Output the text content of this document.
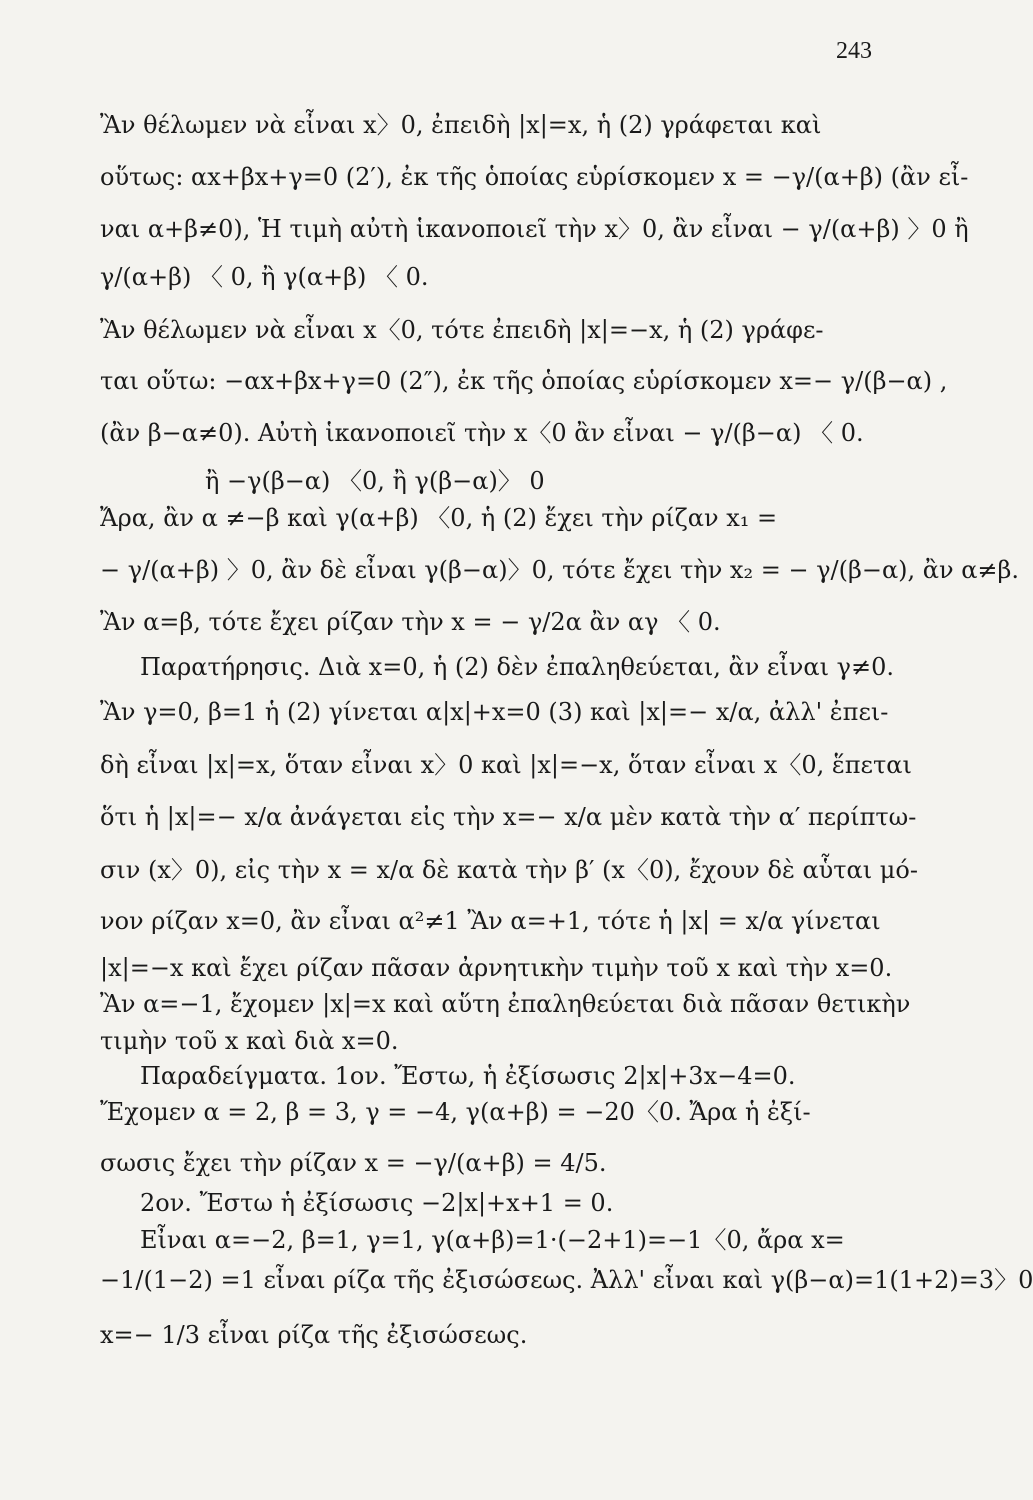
243
Ἂν θέλωμεν νὰ εἶναι x〉0, ἐπειδὴ |x|=x, ἡ (2) γράφεται καὶ
οὕτως: αx+βx+γ=0 (2′), ἐκ τῆς ὁποίας εὑρίσκομεν x = −γ/(α+β) (ἂν εἶ-
ναι α+β≠0), Ἡ τιμὴ αὐτὴ ἱκανοποιεῖ τὴν x〉0, ἂν εἶναι − γ/(α+β) 〉0 ἢ
γ/(α+β) 〈 0, ἢ γ(α+β) 〈 0.
Ἂν θέλωμεν νὰ εἶναι x〈0, τότε ἐπειδὴ |x|=−x, ἡ (2) γράφε-
ται οὕτω: −αx+βx+γ=0 (2″), ἐκ τῆς ὁποίας εὑρίσκομεν x=− γ/(β−α) ,
(ἂν β−α≠0). Αὐτὴ ἱκανοποιεῖ τὴν x〈0 ἂν εἶναι − γ/(β−α) 〈 0.
ἢ −γ(β−α) 〈0, ἢ γ(β−α)〉 0
Ἄρα, ἂν α ≠−β καὶ γ(α+β) 〈0, ἡ (2) ἔχει τὴν ρίζαν x₁ =
− γ/(α+β) 〉0, ἂν δὲ εἶναι γ(β−α)〉0, τότε ἔχει τὴν x₂ = − γ/(β−α), ἂν α≠β.
Ἂν α=β, τότε ἔχει ρίζαν τὴν x = − γ/2α ἂν αγ 〈 0.
Παρατήρησις. Διὰ x=0, ἡ (2) δὲν ἐπαληθεύεται, ἂν εἶναι γ≠0.
Ἂν γ=0, β=1 ἡ (2) γίνεται α|x|+x=0 (3) καὶ |x|=− x/α, ἀλλ' ἐπει-
δὴ εἶναι |x|=x, ὅταν εἶναι x〉0 καὶ |x|=−x, ὅταν εἶναι x〈0, ἕπεται
ὅτι ἡ |x|=− x/α ἀνάγεται εἰς τὴν x=− x/α μὲν κατὰ τὴν α′ περίπτω-
σιν (x〉0), εἰς τὴν x = x/α δὲ κατὰ τὴν β′ (x〈0), ἔχουν δὲ αὗται μό-
νον ρίζαν x=0, ἂν εἶναι α²≠1 Ἂν α=+1, τότε ἡ |x| = x/α γίνεται
|x|=−x καὶ ἔχει ρίζαν πᾶσαν ἀρνητικὴν τιμὴν τοῦ x καὶ τὴν x=0.
Ἂν α=−1, ἔχομεν |x|=x καὶ αὕτη ἐπαληθεύεται διὰ πᾶσαν θετικὴν
τιμὴν τοῦ x καὶ διὰ x=0.
Παραδείγματα. 1ον. Ἔστω, ἡ ἐξίσωσις 2|x|+3x−4=0.
Ἔχομεν α = 2, β = 3, γ = −4, γ(α+β) = −20〈0. Ἄρα ἡ ἐξί-
σωσις ἔχει τὴν ρίζαν x = −γ/(α+β) = 4/5.
2ον. Ἔστω ἡ ἐξίσωσις −2|x|+x+1 = 0.
Εἶναι α=−2, β=1, γ=1, γ(α+β)=1·(−2+1)=−1〈0, ἄρα x=
−1/(1−2) =1 εἶναι ρίζα τῆς ἐξισώσεως. Ἀλλ' εἶναι καὶ γ(β−α)=1(1+2)=3〉0
x=− 1/3 εἶναι ρίζα τῆς ἐξισώσεως.
